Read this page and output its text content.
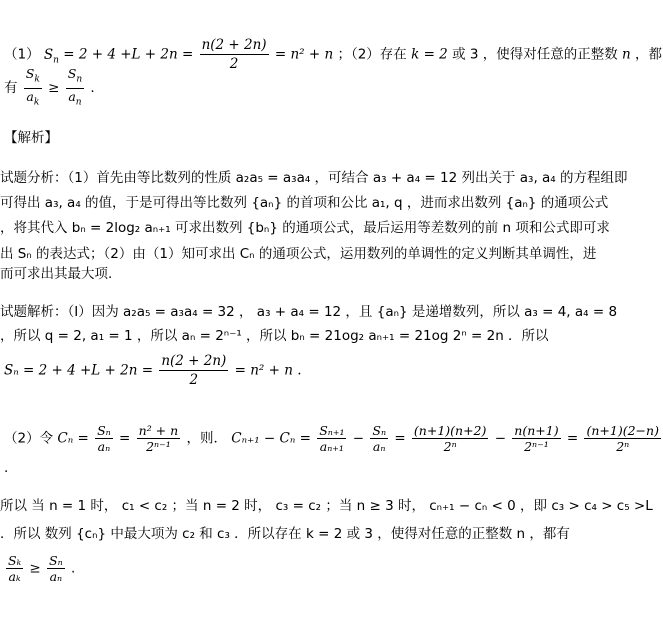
（1） $S_n = 2 + 4 +L + 2n = \frac{n(2 + 2n)}{2} = n^2 + n$ ；（2）存在 k = 2 或 3 ，使得对任意的正整数 n ，都
有 $\frac{S_k}{a_k} \ge \frac{S_n}{a_n}$ .
【解析】
试题分析：（1）首先由等比数列的性质 a₂a₅ = a₃a₄ ，可结合 a₃ + a₄ = 12 列出关于 a₃, a₄ 的方程组即
可得出 a₃, a₄ 的值，于是可得出等比数列 {aₙ} 的首项和公比 a₁, q ，进而求出数列 {aₙ} 的通项公式
，将其代入 bₙ = 2log₂ aₙ₊₁ 可求出数列 {bₙ} 的通项公式，最后运用等差数列的前 n 项和公式即可求
出 Sₙ 的表达式；（2）由（1）知可求出 Cₙ 的通项公式，运用数列的单调性的定义判断其单调性，进
而可求出其最大项.
试题解析：（Ⅰ）因为 a₂a₅ = a₃a₄ = 32 ， a₃ + a₄ = 12 ，且 {aₙ} 是递增数列，所以 a₃ = 4, a₄ = 8
，所以 q = 2, a₁ = 1 ，所以 aₙ = 2ⁿ⁻¹ ，所以 bₙ = 21og₂ aₙ₊₁ = 21og 2ⁿ = 2n ．所以
$S_n = 2 + 4 +L + 2n = \frac{n(2 + 2n)}{2} = n^2 + n$ .
（2）令 $C_n = \frac{\text{Sₙ}}{\text{aₙ}} = \frac{\text{n² + n}}{\text{2ⁿ⁻¹}}$ ，则． $C_{n+1} - C_n = \frac{\text{Sₙ₊₁}}{\text{aₙ₊₁}} - \frac{\text{Sₙ}}{\text{aₙ}} = \frac{(n+1)(n+2)}{\text{2ⁿ}} - \frac{n(n+1)}{\text{2ⁿ⁻¹}} = \frac{(n+1)(2-n)}{\text{2ⁿ}}$
.
所以 当 n = 1 时， c₁ < c₂ ；当 n = 2 时， c₃ = c₂ ；当 n ≥ 3 时， cₙ₊₁ − cₙ < 0 ，即 c₃ > c₄ > c₅ >L
．所以 数列 {cₙ} 中最大项为 c₂ 和 c₃ ．所以存在 k = 2 或 3 ，使得对任意的正整数 n ，都有
$\frac{\text{Sₖ}}{\text{aₖ}} \ge \frac{\text{Sₙ}}{\text{aₙ}}$ .
